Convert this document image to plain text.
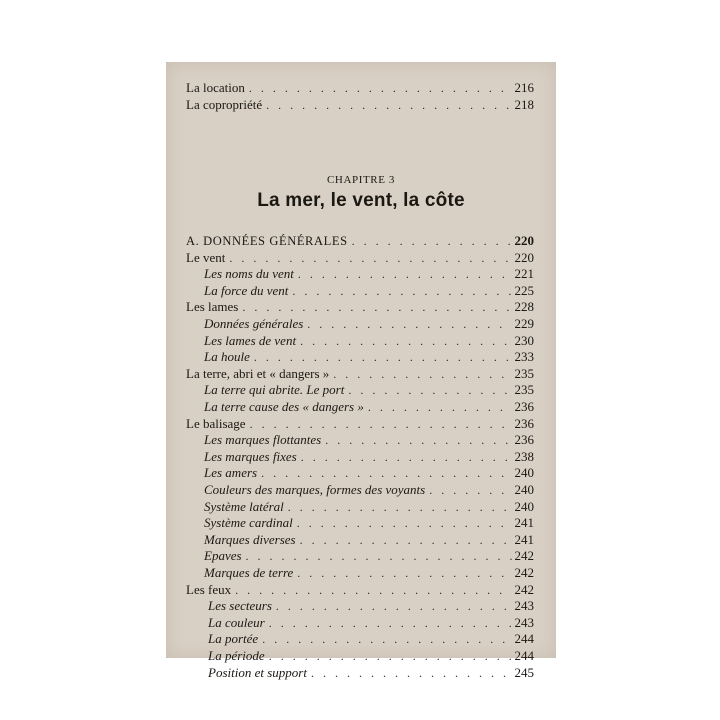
La location . . .	216
La copropriété . . .	218
CHAPITRE 3
La mer, le vent, la côte
A. DONNÉES GÉNÉRALES . . .	220
Le vent . . .	220
Les noms du vent . . .	221
La force du vent . . .	225
Les lames . . .	228
Données générales . . .	229
Les lames de vent . . .	230
La houle . . .	233
La terre, abri et « dangers » . . .	235
La terre qui abrite. Le port . . .	235
La terre cause des « dangers » . . .	236
Le balisage . . .	236
Les marques flottantes . . .	236
Les marques fixes . . .	238
Les amers . . .	240
Couleurs des marques, formes des voyants . . .	240
Système latéral . . .	240
Système cardinal . . .	241
Marques diverses . . .	241
Epaves . . .	242
Marques de terre . . .	242
Les feux . . .	242
Les secteurs . . .	243
La couleur . . .	243
La portée . . .	244
La période . . .	244
Position et support . . .	245
